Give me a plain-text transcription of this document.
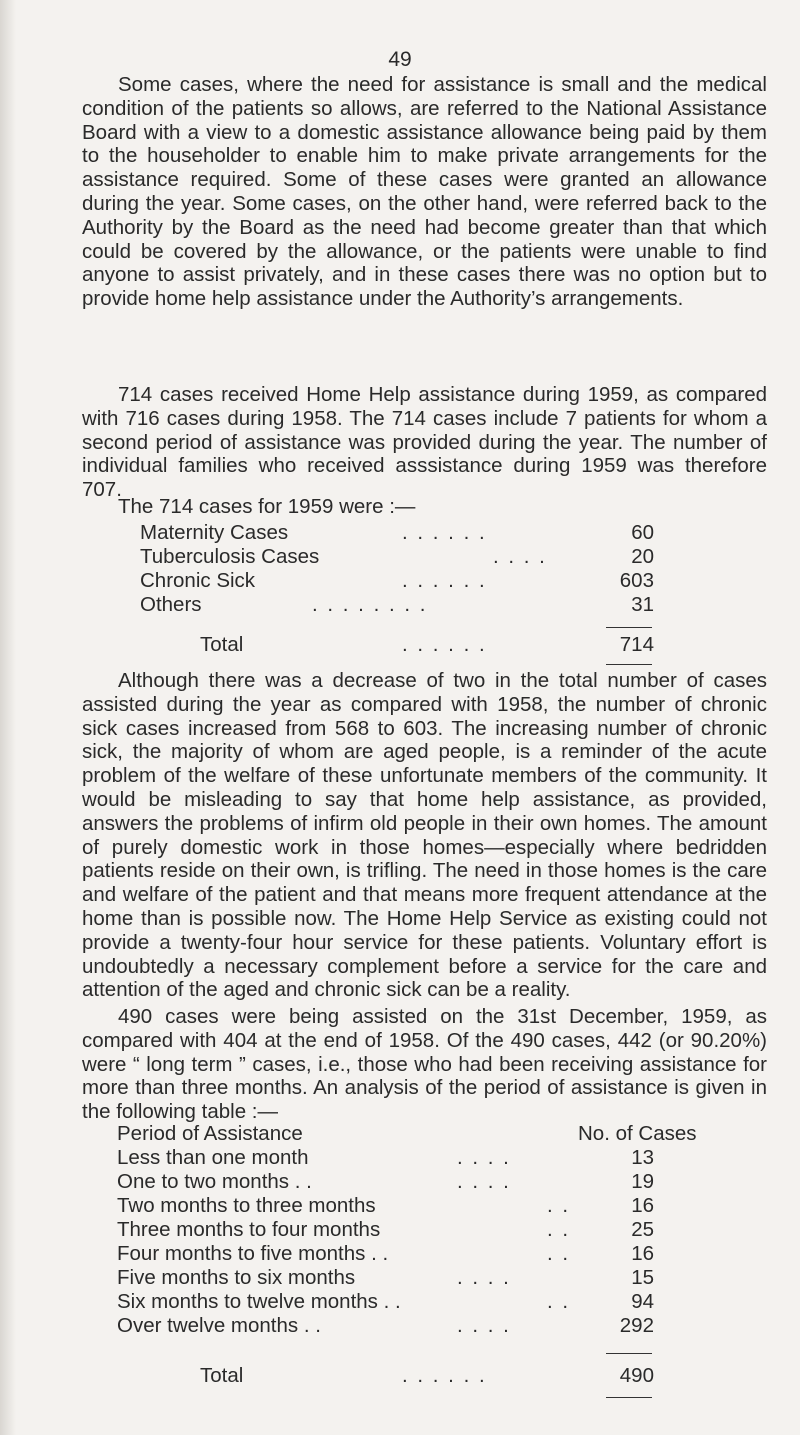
49

Some cases, where the need for assistance is small and the medical condition of the patients so allows, are referred to the National Assistance Board with a view to a domestic assistance allowance being paid by them to the householder to enable him to make private arrangements for the assistance required. Some of these cases were granted an allowance during the year. Some cases, on the other hand, were referred back to the Authority by the Board as the need had become greater than that which could be covered by the allowance, or the patients were unable to find anyone to assist privately, and in these cases there was no option but to provide home help assistance under the Authority’s arrangements.

714 cases received Home Help assistance during 1959, as compared with 716 cases during 1958. The 714 cases include 7 patients for whom a second period of assistance was provided during the year. The number of individual families who received asssistance during 1959 was therefore 707.

The 714 cases for 1959 were :—
Maternity Cases	. . . . . .	60
Tuberculosis Cases	. . . .	20
Chronic Sick	. . . . . .	603
Others	. . . . . . . .	31
Total	. . . . . .	714

Although there was a decrease of two in the total number of cases assisted during the year as compared with 1958, the number of chronic sick cases increased from 568 to 603. The increasing number of chronic sick, the majority of whom are aged people, is a reminder of the acute problem of the welfare of these unfortunate members of the community. It would be misleading to say that home help assistance, as provided, answers the problems of infirm old people in their own homes. The amount of purely domestic work in those homes—especially where bedridden patients reside on their own, is trifling. The need in those homes is the care and welfare of the patient and that means more frequent attendance at the home than is possible now. The Home Help Service as existing could not provide a twenty-four hour service for these patients. Voluntary effort is undoubtedly a necessary complement before a service for the care and attention of the aged and chronic sick can be a reality.

490 cases were being assisted on the 31st December, 1959, as compared with 404 at the end of 1958. Of the 490 cases, 442 (or 90.20%) were “ long term ” cases, i.e., those who had been receiving assistance for more than three months. An analysis of the period of assistance is given in the following table :—

Period of Assistance	No. of Cases
Less than one month	. . . .	13
One to two months . .	. . . .	19
Two months to three months	. .	16
Three months to four months	. .	25
Four months to five months . .	. .	16
Five months to six months	. . . .	15
Six months to twelve months . .	. .	94
Over twelve months . .	. . . .	292
Total	. . . . . .	490
